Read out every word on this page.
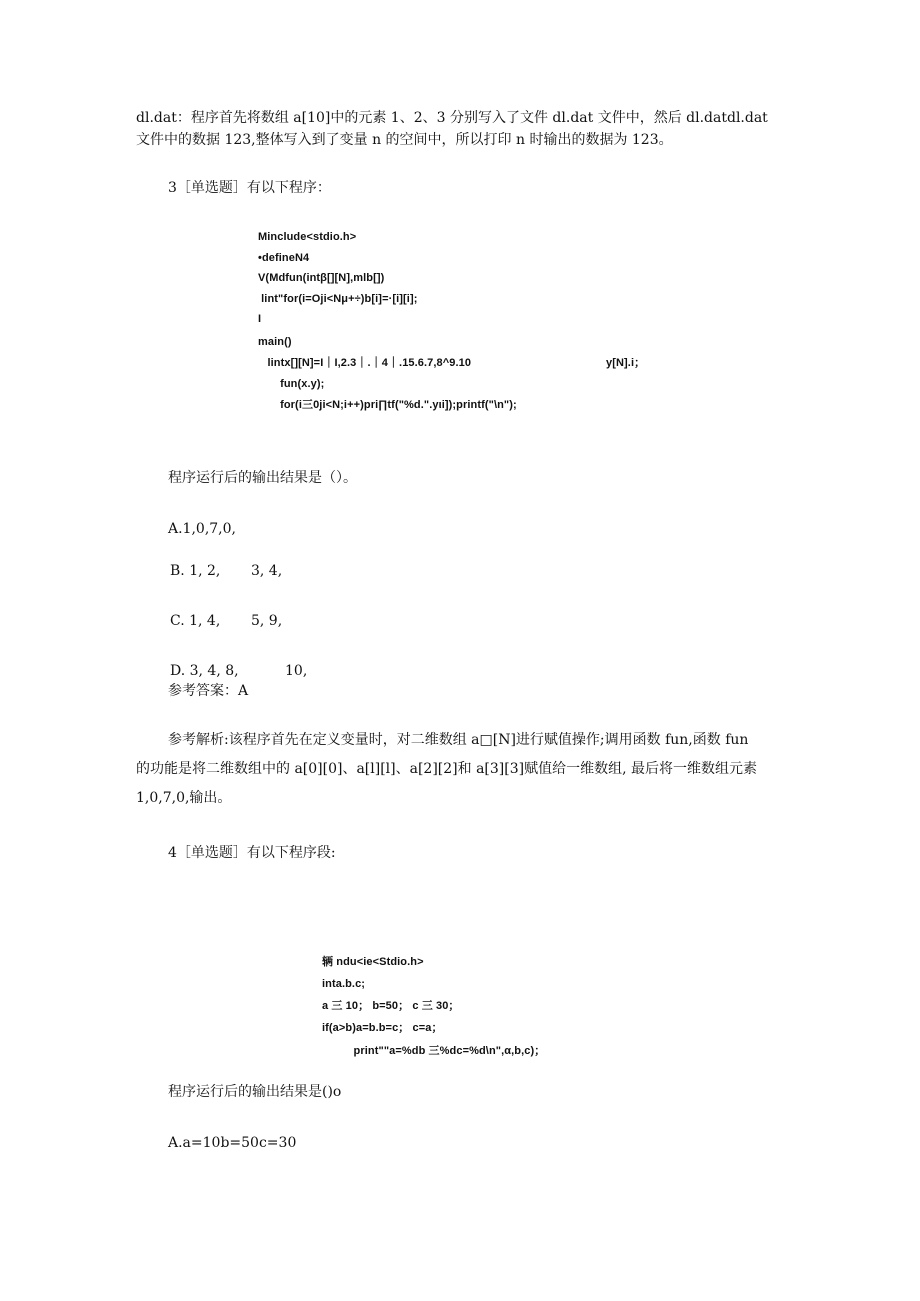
dl.dat：程序首先将数组 a[10]中的元素 1、2、3 分别写入了文件 dl.dat 文件中，然后 dl.datdl.dat

文件中的数据 123,整体写入到了变量 n 的空间中，所以打印 n 时输出的数据为 123。

3［单选题］有以下程序：

Minclude<stdio.h>

•defineN4

V(Mdfun(intβ[][N],mlb[])

lint"for(i=Oji<Nμ+÷)b[i]=·[i][i];

I

main()

lintx[][N]=I｜I,2.3｜.｜4｜.15.6.7,8^9.10	y[N].i；

fun(x.y);

for(i三0ji<N;i++)pri∏tf("%d.".yιi]);printf("\n");

程序运行后的输出结果是（）。

A.1,0,7,0,
B. 1, 2, 3, 4,
C. 1, 4, 5, 9,
D. 3, 4, 8,	10,

参考答案：A

参考解析:该程序首先在定义变量时，对二维数组 a□[N]进行赋值操作;调用函数 fun,函数 fun

的功能是将二维数组中的 a[0][0]、a[l][l]、a[2][2]和 a[3][3]赋值给一维数组, 最后将一维数组元素

1,0,7,0,输出。

4［单选题］有以下程序段:

辆 ndu<ie<Stdio.h>

inta.b.c;

a 三 10； b=50； c 三 30；

if(a>b)a=b.b=c； c=a；

print""a=%db 三%dc=%d\n",α,b,c)；

程序运行后的输出结果是()o

A.a=10b=50c=30
